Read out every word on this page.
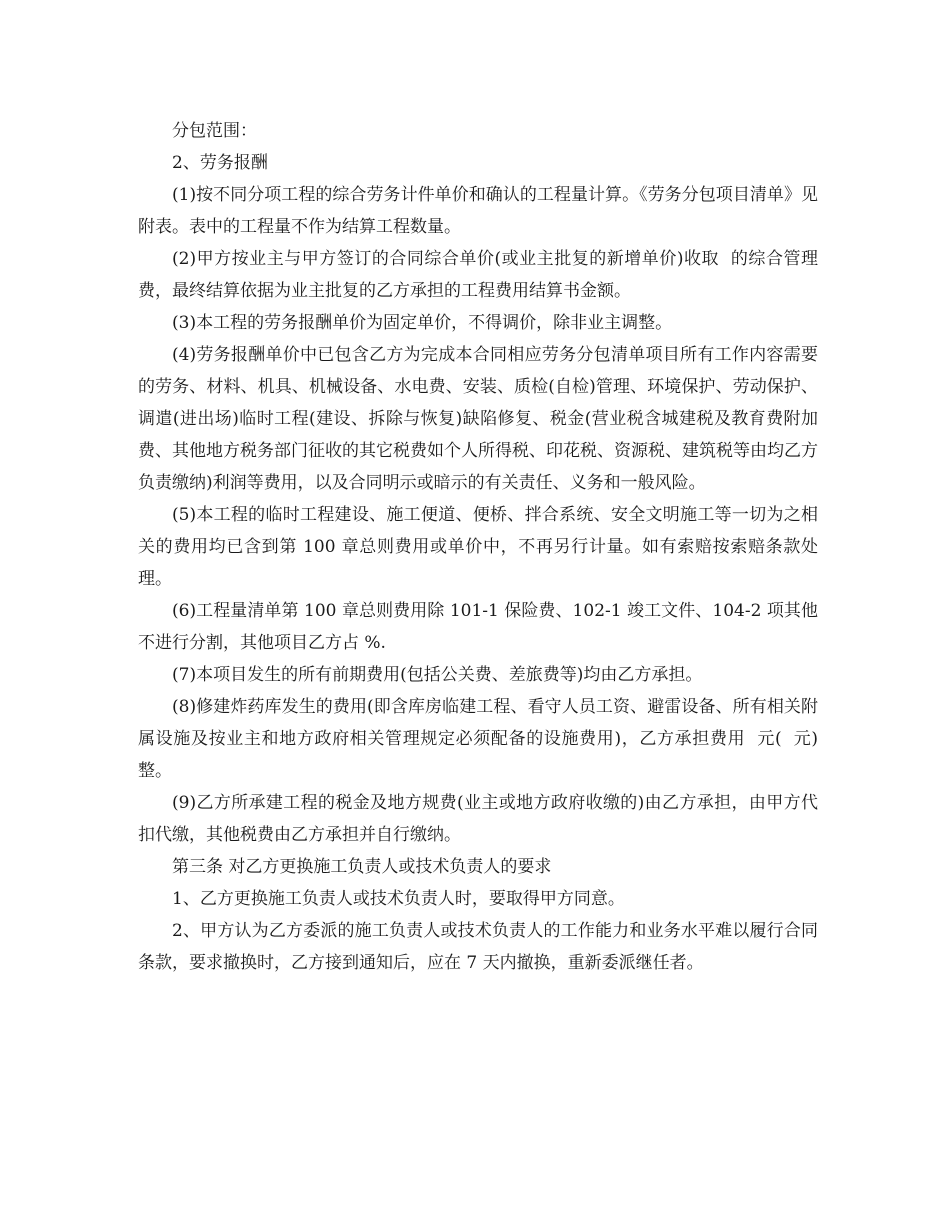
分包范围：

2、劳务报酬

(1)按不同分项工程的综合劳务计件单价和确认的工程量计算。《劳务分包项目清单》见附表。表中的工程量不作为结算工程数量。

(2)甲方按业主与甲方签订的合同综合单价(或业主批复的新增单价)收取  的综合管理费，最终结算依据为业主批复的乙方承担的工程费用结算书金额。

(3)本工程的劳务报酬单价为固定单价，不得调价，除非业主调整。

(4)劳务报酬单价中已包含乙方为完成本合同相应劳务分包清单项目所有工作内容需要的劳务、材料、机具、机械设备、水电费、安装、质检(自检)管理、环境保护、劳动保护、调遣(进出场)临时工程(建设、拆除与恢复)缺陷修复、税金(营业税含城建税及教育费附加费、其他地方税务部门征收的其它税费如个人所得税、印花税、资源税、建筑税等由均乙方负责缴纳)利润等费用，以及合同明示或暗示的有关责任、义务和一般风险。

(5)本工程的临时工程建设、施工便道、便桥、拌合系统、安全文明施工等一切为之相关的费用均已含到第 100 章总则费用或单价中，不再另行计量。如有索赔按索赔条款处理。

(6)工程量清单第 100 章总则费用除 101-1 保险费、102-1 竣工文件、104-2 项其他不进行分割，其他项目乙方占 %.

(7)本项目发生的所有前期费用(包括公关费、差旅费等)均由乙方承担。

(8)修建炸药库发生的费用(即含库房临建工程、看守人员工资、避雷设备、所有相关附属设施及按业主和地方政府相关管理规定必须配备的设施费用)，乙方承担费用  元(  元)整。

(9)乙方所承建工程的税金及地方规费(业主或地方政府收缴的)由乙方承担，由甲方代扣代缴，其他税费由乙方承担并自行缴纳。

第三条 对乙方更换施工负责人或技术负责人的要求

1、乙方更换施工负责人或技术负责人时，要取得甲方同意。

2、甲方认为乙方委派的施工负责人或技术负责人的工作能力和业务水平难以履行合同条款，要求撤换时，乙方接到通知后，应在 7 天内撤换，重新委派继任者。
